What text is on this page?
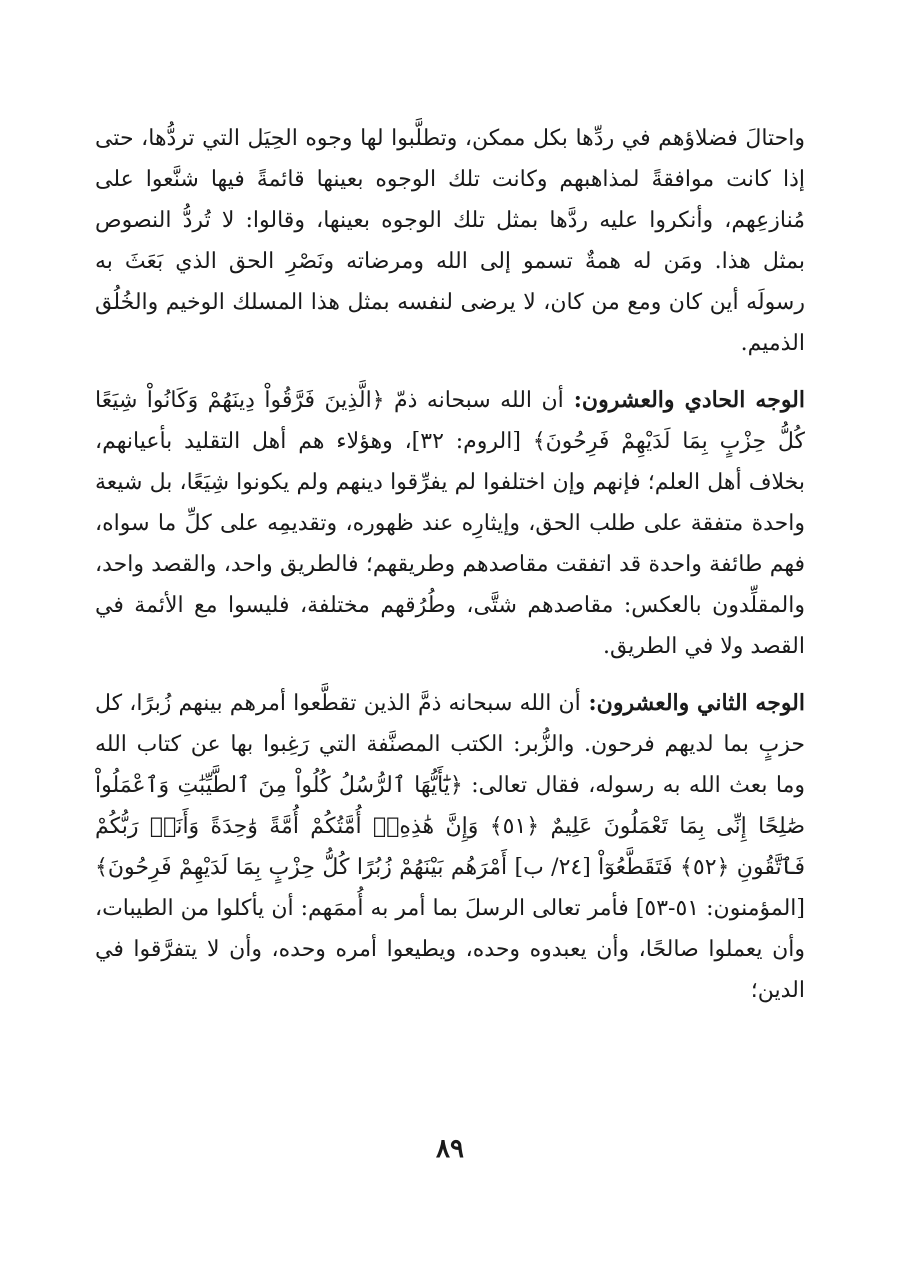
واحتالَ فضلاؤهم في ردِّها بكل ممكن، وتطلَّبوا لها وجوه الحِيَل التي تردُّها، حتى إذا كانت موافقةً لمذاهبهم وكانت تلك الوجوه بعينها قائمةً فيها شنَّعوا على مُنازعِهم، وأنكروا عليه ردَّها بمثل تلك الوجوه بعينها، وقالوا: لا تُردُّ النصوص بمثل هذا. ومَن له همةٌ تسمو إلى الله ومرضاته ونَصْرِ الحق الذي بَعَثَ به رسولَه أين كان ومع من كان، لا يرضى لنفسه بمثل هذا المسلك الوخيم والخُلُق الذميم.

الوجه الحادي والعشرون:

أن الله سبحانه ذمّ ﴿الَّذِينَ فَرَّقُواْ دِينَهُمْ وَكَانُواْ شِيَعًا كُلُّ حِزْبٍ بِمَا لَدَيْهِمْ فَرِحُونَ﴾ [الروم: ٣٢]، وهؤلاء هم أهل التقليد بأعيانهم، بخلاف أهل العلم؛ فإنهم وإن اختلفوا لم يفرِّقوا دينهم ولم يكونوا شِيَعًا، بل شيعة واحدة متفقة على طلب الحق، وإيثارِه عند ظهوره، وتقديمِه على كلِّ ما سواه، فهم طائفة واحدة قد اتفقت مقاصدهم وطريقهم؛ فالطريق واحد، والقصد واحد، والمقلِّدون بالعكس: مقاصدهم شتَّى، وطُرُقهم مختلفة، فليسوا مع الأئمة في القصد ولا في الطريق.

الوجه الثاني والعشرون:

أن الله سبحانه ذمَّ الذين تقطَّعوا أمرهم بينهم زُبرًا، كل حزبٍ بما لديهم فرحون. والزُّبر: الكتب المصنَّفة التي رَغِبوا بها عن كتاب الله وما بعث الله به رسوله، فقال تعالى: ﴿يَٰٓأَيُّهَا ٱلرُّسُلُ كُلُواْ مِنَ ٱلطَّيِّبَٰتِ وَٱعْمَلُواْ صَٰلِحًا إِنِّى بِمَا تَعْمَلُونَ عَلِيمٌ ﴿٥١﴾ وَإِنَّ هَٰذِهِۦٓ أُمَّتُكُمْ أُمَّةً وَٰحِدَةً وَأَنَا۠ رَبُّكُمْ فَٱتَّقُونِ ﴿٥٢﴾ فَتَقَطَّعُوٓاْ [٢٤/ ب] أَمْرَهُم بَيْنَهُمْ زُبُرًا كُلُّ حِزْبٍ بِمَا لَدَيْهِمْ فَرِحُونَ﴾ [المؤمنون: ٥١-٥٣] فأمر تعالى الرسلَ بما أمر به أُممَهم: أن يأكلوا من الطيبات، وأن يعملوا صالحًا، وأن يعبدوه وحده، ويطيعوا أمره وحده، وأن لا يتفرَّقوا في الدين؛

٨٩
